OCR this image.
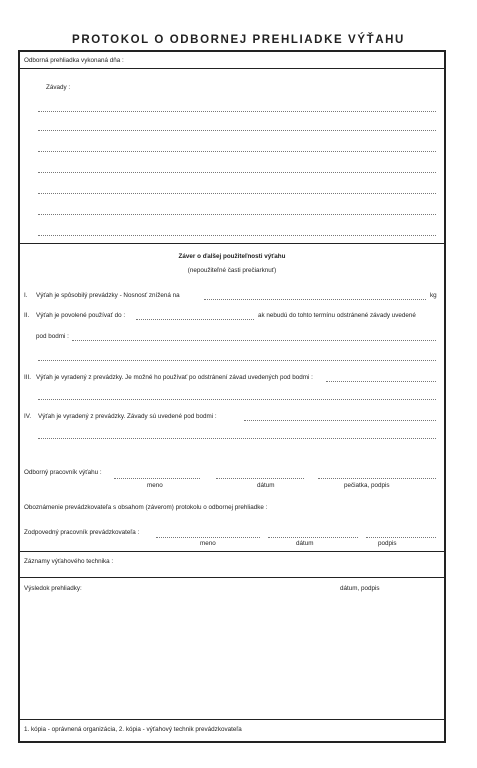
PROTOKOL O ODBORNEJ PREHLIADKE VÝŤAHU
Odborná prehliadka vykonaná dňa :
Závady :
Záver o ďalšej použiteľnosti výťahu
(nepoužiteľné časti prečiarknuť)
I. Výťah je spôsobilý prevádzky - Nosnosť znížená na	kg
II. Výťah je povolené používať do :	ak nebudú do tohto termínu odstránené závady uvedené
pod bodmi :
III. Výťah je vyradený z prevádzky. Je možné ho používať po odstránení závad uvedených pod bodmi :
IV. Výťah je vyradený z prevádzky. Závady sú uvedené pod bodmi :
Odborný pracovník výťahu :
meno	dátum	pečiatka, podpis
Oboznámenie prevádzkovateľa s obsahom (záverom) protokolu o odbornej prehliadke :
Zodpovedný pracovník prevádzkovateľa :
meno	dátum	podpis
Záznamy výťahového technika :
Výsledok prehliadky:	dátum, podpis
1. kópia - oprávnená organizácia, 2. kópia - výťahový technik prevádzkovateľa
